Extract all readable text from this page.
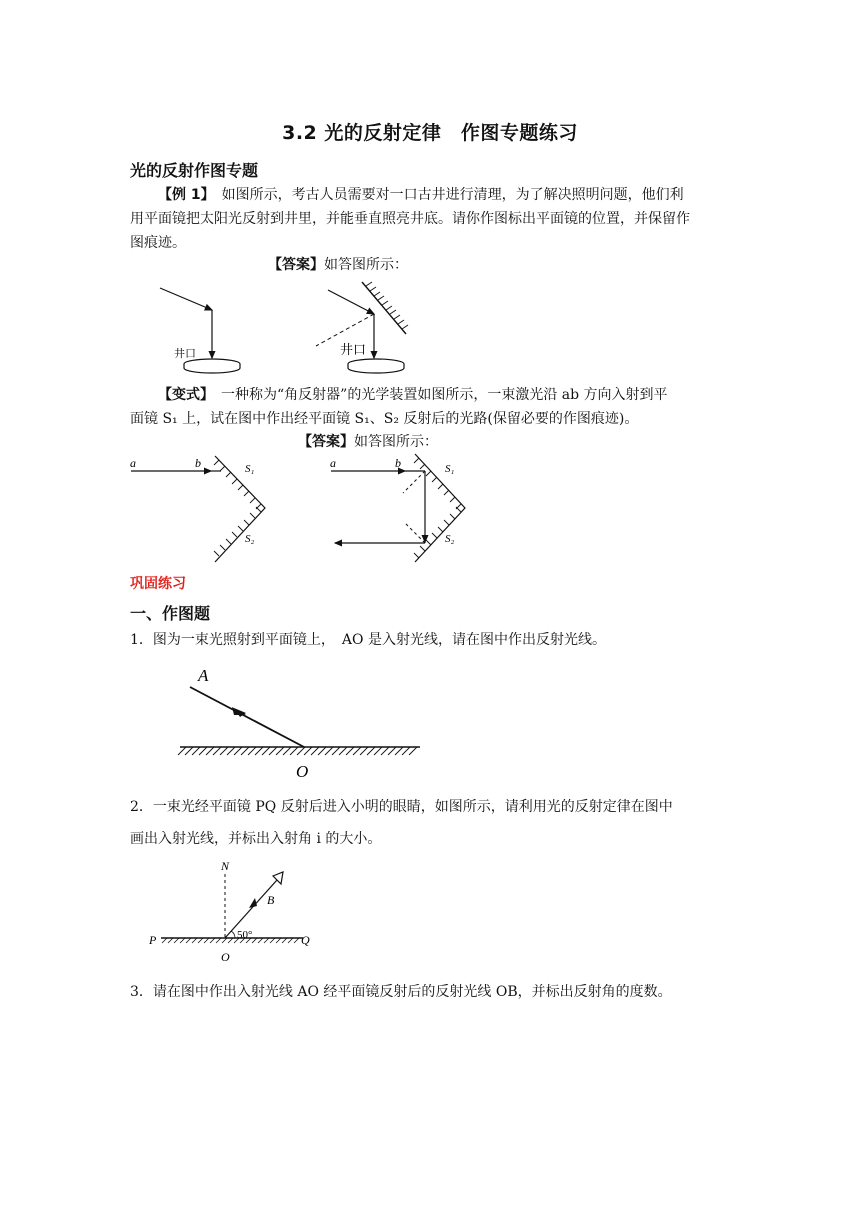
3.2 光的反射定律　作图专题练习
光的反射作图专题

【例 1】　如图所示，考古人员需要对一口古井进行清理，为了解决照明问题，他们利

用平面镜把太阳光反射到井里，并能垂直照亮井底。请你作图标出平面镜的位置，并保留作

图痕迹。

【答案】如答图所示：
井口	井口

【变式】　一种称为“角反射器”的光学装置如图所示，一束激光沿 ab 方向入射到平

面镜 S₁ 上，试在图中作出经平面镜 S₁、S₂ 反射后的光路(保留必要的作图痕迹)。

【答案】如答图所示：
a	b	S₁
S₂
a	b	S₁
S₂
巩固练习
一、作图题
1．图为一束光照射到平面镜上，　AO 是入射光线，请在图中作出反射光线。
A
O

2．一束光经平面镜 PQ 反射后进入小明的眼睛，如图所示，请利用光的反射定律在图中

画出入射光线，并标出入射角 i 的大小。

N
B
P	Q
O
50°
3．请在图中作出入射光线 AO 经平面镜反射后的反射光线 OB，并标出反射角的度数。
